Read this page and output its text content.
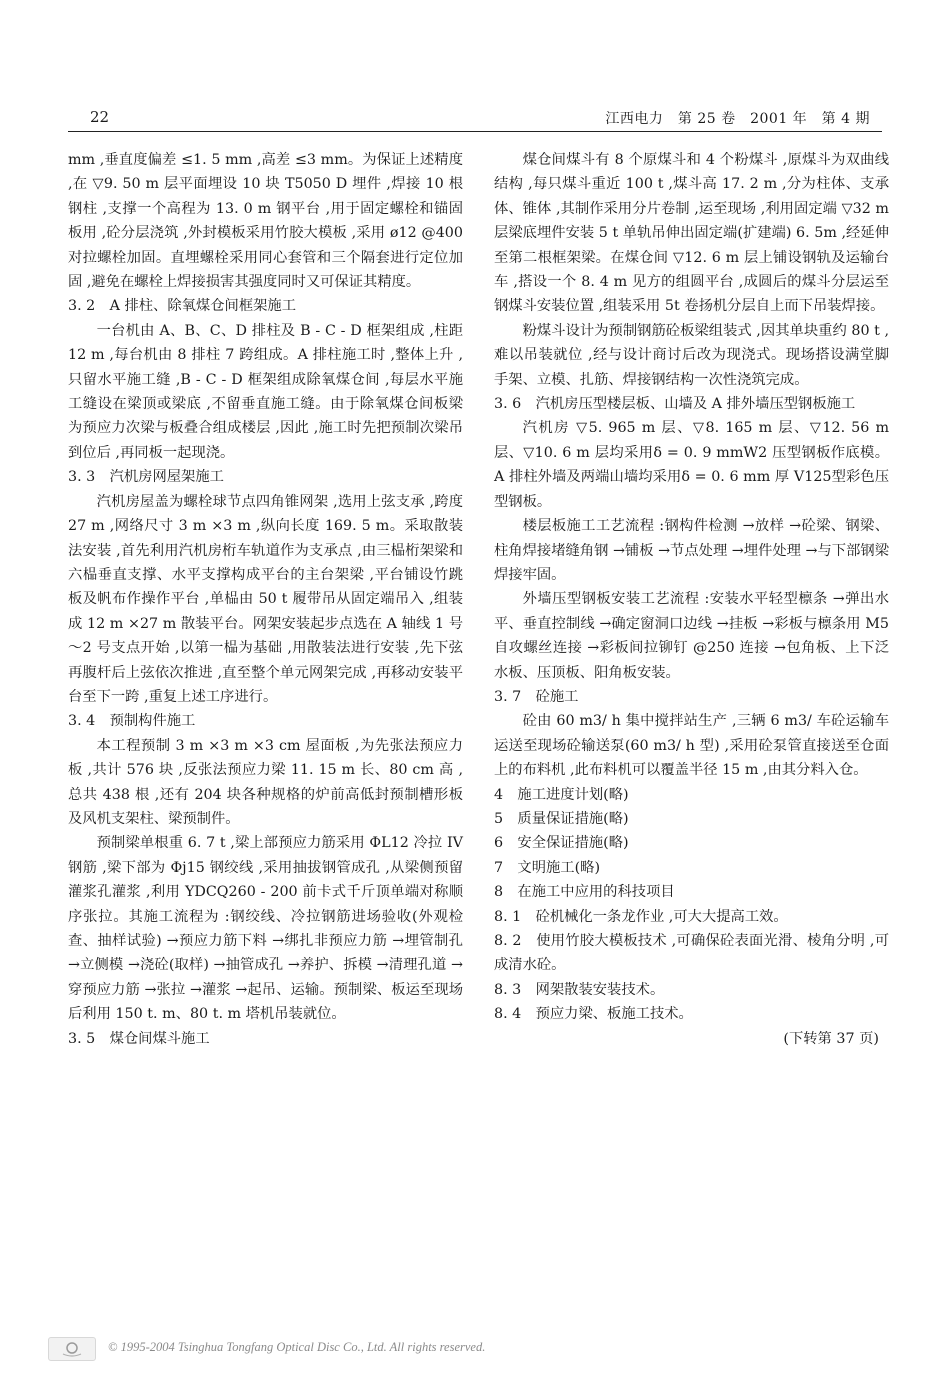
22	江西电力　第 25 卷　2001 年　第 4 期

mm ,垂直度偏差 ≤1. 5 mm ,高差 ≤3 mm。为保证上述精度 ,在 ▽9. 50 m 层平面埋设 10 块 T5050 D 埋件 ,焊接 10 根钢柱 ,支撑一个高程为 13. 0 m 钢平台 ,用于固定螺栓和锚固板用 ,砼分层浇筑 ,外封模板采用竹胶大模板 ,采用 ø12 @400 对拉螺栓加固。直埋螺栓采用同心套管和三个隔套进行定位加固 ,避免在螺栓上焊接损害其强度同时又可保证其精度。

3. 2　A 排柱、除氧煤仓间框架施工

一台机由 A、B、C、D 排柱及 B - C - D 框架组成 ,柱距 12 m ,每台机由 8 排柱 7 跨组成。A 排柱施工时 ,整体上升 ,只留水平施工缝 ,B - C - D 框架组成除氧煤仓间 ,每层水平施工缝设在梁顶或梁底 ,不留垂直施工缝。由于除氧煤仓间板梁为预应力次梁与板叠合组成楼层 ,因此 ,施工时先把预制次梁吊到位后 ,再同板一起现浇。

3. 3　汽机房网屋架施工

汽机房屋盖为螺栓球节点四角锥网架 ,选用上弦支承 ,跨度 27 m ,网络尺寸 3 m ×3 m ,纵向长度 169. 5 m。采取散装法安装 ,首先利用汽机房桁车轨道作为支承点 ,由三榀桁架梁和六榀垂直支撑、水平支撑构成平台的主台架梁 ,平台铺设竹跳板及帆布作操作平台 ,单榀由 50 t 履带吊从固定端吊入 ,组装成 12 m ×27 m 散装平台。网架安装起步点选在 A 轴线 1 号～2 号支点开始 ,以第一榀为基础 ,用散装法进行安装 ,先下弦再腹杆后上弦依次推进 ,直至整个单元网架完成 ,再移动安装平台至下一跨 ,重复上述工序进行。

3. 4　预制构件施工

本工程预制 3 m ×3 m ×3 cm 屋面板 ,为先张法预应力板 ,共计 576 块 ,反张法预应力梁 11. 15 m 长、80 cm 高 ,总共 438 根 ,还有 204 块各种规格的炉前高低封预制槽形板及风机支架柱、梁预制件。

预制梁单根重 6. 7 t ,梁上部预应力筋采用 ΦL12 冷拉 IV 钢筋 ,梁下部为 Φj15 钢绞线 ,采用抽拔钢管成孔 ,从梁侧预留灌浆孔灌浆 ,利用 YDCQ260 - 200 前卡式千斤顶单端对称顺序张拉。其施工流程为 :钢绞线、冷拉钢筋进场验收(外观检查、抽样试验) →预应力筋下料 →绑扎非预应力筋 →埋管制孔 →立侧模 →浇砼(取样) →抽管成孔 →养护、拆模 →清理孔道 →穿预应力筋 →张拉 →灌浆 →起吊、运输。预制梁、板运至现场后利用 150 t. m、80 t. m 塔机吊装就位。

3. 5　煤仓间煤斗施工

煤仓间煤斗有 8 个原煤斗和 4 个粉煤斗 ,原煤斗为双曲线结构 ,每只煤斗重近 100 t ,煤斗高 17. 2 m ,分为柱体、支承体、锥体 ,其制作采用分片卷制 ,运至现场 ,利用固定端 ▽32 m 层梁底埋件安装 5 t 单轨吊伸出固定端(扩建端) 6. 5m ,经延伸至第二根框架梁。在煤仓间 ▽12. 6 m 层上铺设钢轨及运输台车 ,搭设一个 8. 4 m 见方的组圆平台 ,成圆后的煤斗分层运至钢煤斗安装位置 ,组装采用 5t 卷扬机分层自上而下吊装焊接。

粉煤斗设计为预制钢筋砼板梁组装式 ,因其单块重约 80 t ,难以吊装就位 ,经与设计商讨后改为现浇式。现场搭设满堂脚手架、立模、扎筋、焊接钢结构一次性浇筑完成。

3. 6　汽机房压型楼层板、山墙及 A 排外墙压型钢板施工

汽机房 ▽5. 965 m 层、▽8. 165 m 层、▽12. 56 m 层、▽10. 6 m 层均采用δ = 0. 9 mmW2 压型钢板作底模。A 排柱外墙及两端山墙均采用δ = 0. 6 mm 厚 V125型彩色压型钢板。

楼层板施工工艺流程 :钢构件检测 →放样 →砼梁、钢梁、柱角焊接堵缝角钢 →铺板 →节点处理 →埋件处理 →与下部钢梁焊接牢固。

外墙压型钢板安装工艺流程 :安装水平轻型檩条 →弹出水平、垂直控制线 →确定窗洞口边线 →挂板 →彩板与檩条用 M5 自攻螺丝连接 →彩板间拉铆钉 @250 连接 →包角板、上下泛水板、压顶板、阳角板安装。

3. 7　砼施工

砼由 60 m3/ h 集中搅拌站生产 ,三辆 6 m3/ 车砼运输车运送至现场砼输送泵(60 m3/ h 型) ,采用砼泵管直接送至仓面上的布料机 ,此布料机可以覆盖半径 15 m ,由其分料入仓。

4　施工进度计划(略)

5　质量保证措施(略)

6　安全保证措施(略)

7　文明施工(略)

8　在施工中应用的科技项目

8. 1　砼机械化一条龙作业 ,可大大提高工效。

8. 2　使用竹胶大模板技术 ,可确保砼表面光滑、棱角分明 ,可成清水砼。

8. 3　网架散装安装技术。

8. 4　预应力梁、板施工技术。

(下转第 37 页)

© 1995-2004 Tsinghua Tongfang Optical Disc Co., Ltd. All rights reserved.
